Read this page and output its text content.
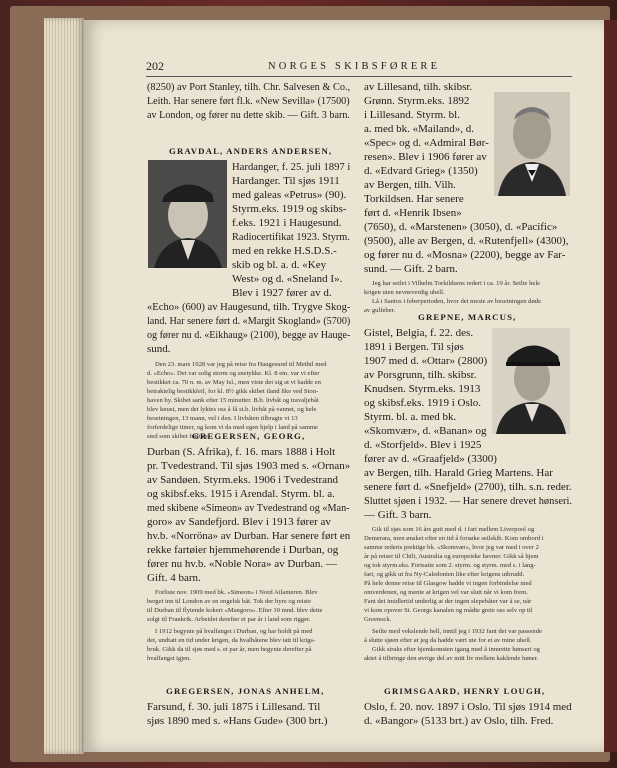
202	NORGES SKIBSFØRERE
(8250) av Port Stanley, tilh. Chr. Salvesen & Co.,
Leith. Har senere ført fl.k. «New Sevilla» (17500)
av London, og fører nu dette skib. — Gift. 3 barn.
GRAVDAL, ANDERS ANDERSEN,
Hardanger, f. 25. juli 1897 i
Hardanger. Til sjøs 1911
med galeas «Petrus» (90).
Styrm.eks. 1919 og skibs-
f.eks. 1921 i Haugesund.
Radiocertifikat 1923. Styrm.
med en rekke H.S.D.S.-
skib og bl. a. d. «Key
West» og d. «Sneland I».
Blev i 1927 fører av d.
«Echo» (600) av Haugesund, tilh. Trygve Skog-
land. Har senere ført d. «Margit Skogland» (5700)
og fører nu d. «Eikhaug» (2100), begge av Hauge-
sund.
Den 23. mars 1928 var jeg på reise fra Haugesund til Methil med
d. «Echo». Det var solig storm og snetykke. Kl. 8 em. var vi efter
bestikket ca. 70 n. m. av May Isl., men viste det sig at vi hadde en
betraktelig bestikkfeil, for kl. 8½ gikk skibet iland like ved Ston-
haven by. Skibet sank efter 15 minutter. B.b. livbåt og travaljebåt
blev knust, men det lyktes oss å få st.b. livbåt på vannet, og hele
besetningen, 13 mann, vel i den. I livbåten tilbragte vi 13
forferdelige timer, og kom vi da med egen hjelp i land på samme
sted som skibet forliste.
GREGERSEN, GEORG,
Durban (S. Afrika), f. 16. mars 1888 i Holt
pr. Tvedestrand. Til sjøs 1903 med s. «Ornan»
av Sandøen. Styrm.eks. 1906 i Tvedestrand
og skibsf.eks. 1915 i Arendal. Styrm. bl. a.
med skibene «Simeon» av Tvedestrand og «Man-
goro» av Sandefjord. Blev i 1913 fører av
hv.b. «Norröna» av Durban. Har senere ført en
rekke fartøier hjemmehørende i Durban, og
fører nu hv.b. «Noble Nora» av Durban. —
Gift. 4 barn.
Forliste nov. 1909 med bk. «Simeon» i Nord Atlanteren. Blev
berget inn til London av en engelsk båt. Tok der hyre og reiste
til Durban til flytende kokeri «Mangoro». Efter 10 mnd. blev dette
solgt til Frankrik. Arbeidet derefter et par år i land som rigger.
I 1912 begynte på hvalfangst i Durban, og har holdt på med
det, undtatt en tid under krigen, da hvalbåtene blev tatt til krigs-
bruk. Gikk da til sjøs med s. et par år, men begynte derefter på
hvalfangst igjen.
GREGERSEN, JONAS ANHELM,
Farsund, f. 30. juli 1875 i Lillesand. Til
sjøs 1890 med s. «Hans Gude» (300 brt.)
av Lillesand, tilh. skibsr.
Grønn. Styrm.eks. 1892
i Lillesand. Styrm. bl.
a. med bk. «Mailand», d.
«Spec» og d. «Admiral Bør-
resen». Blev i 1906 fører av
d. «Edvard Grieg» (1350)
av Bergen, tilh. Vilh.
Torkildsen. Har senere
ført d. «Henrik Ibsen»
(7650), d. «Marstenen» (3050), d. «Pacific»
(9500), alle av Bergen, d. «Rutenfjell» (4300),
og fører nu d. «Mosna» (2200), begge av Far-
sund. — Gift. 2 barn.
Jeg har seilet i Vilhelm Torkildsens rederi i ca. 19 år. Seilte hele
krigen uten nevneverdig uhell.
Lå i Santos i feberperioden, hvor det meste av besetningen døde
av gulfeber.
GREPNE, MARCUS,
Gistel, Belgia, f. 22. des.
1891 i Bergen. Til sjøs
1907 med d. «Ottar» (2800)
av Porsgrunn, tilh. skibsr.
Knudsen. Styrm.eks. 1913
og skibsf.eks. 1919 i Oslo.
Styrm. bl. a. med bk.
«Skomvær», d. «Banan» og
d. «Storfjeld». Blev i 1925
fører av d. «Graafjeld» (3300)
av Bergen, tilh. Harald Grieg Martens. Har
senere ført d. «Snefjeld» (2700), tilh. s.n. reder.
Sluttet sjøen i 1932. — Har senere drevet hønseri.
— Gift. 3 barn.
Gik til sjøs som 16 års gutt med d. i fart mellem Liverpool og
Demerara, men ønsket efter en tid å forsøke seilskib. Kom ombord i
samme rederis prektige bk. «Skomvær», hvor jeg var med i over 2
år på reiser til Chili, Australia og europeiske havner. Gikk så hjem
og tok styrm.eks. Fortsatte som 2. styrm. og styrm. med s. i lang-
fart, og gikk ut fra Ny-Caledonien like efter krigens utbrudd.
På hele denne reise til Glasgow hadde vi ingen forbindelse med
omverdenen, og mente at krigen vel var slutt når vi kom frem.
Fant det imidlertid underlig at der ingen slepebåter var å se, når
vi kom opover St. Georgs kanalen og mådte greie oss selv op til
Greenock.
Seilte med vekslende hell, inntil jeg i 1932 fant det var passende
å slutte sjøen efter at jeg da hadde vært ute for et av mine uhell.
Gikk straks efter hjemkomsten igang med å inmrette hønseri og
aktet å tilbringe den øvrige del av mitt liv mellem kaklende høner.
GRIMSGAARD, HENRY LOUGH,
Oslo, f. 20. nov. 1897 i Oslo. Til sjøs 1914 med
d. «Bangor» (5133 brt.) av Oslo, tilh. Fred.
